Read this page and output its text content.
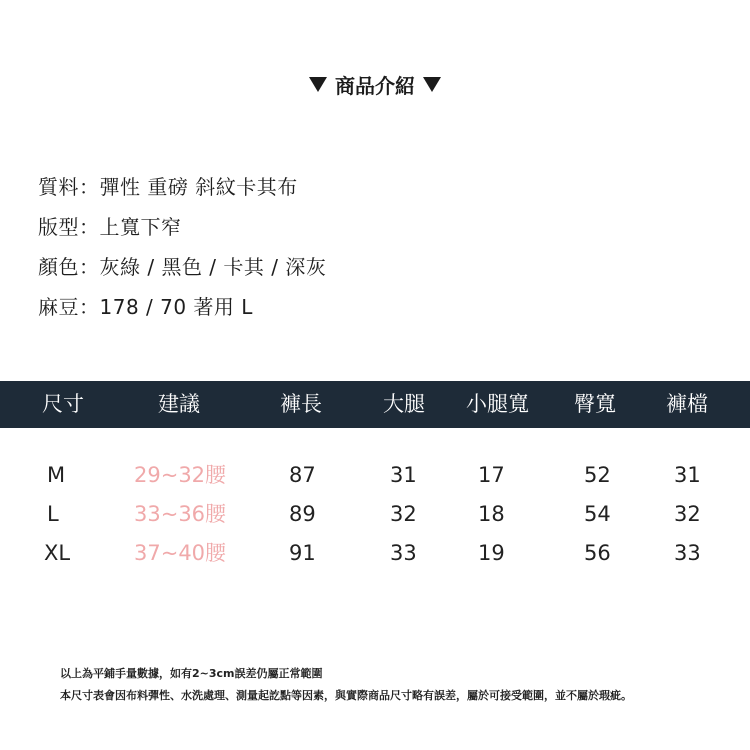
商品介紹
質料：彈性 重磅 斜紋卡其布
版型：上寬下窄
顏色：灰綠 / 黑色 / 卡其 / 深灰
麻豆：178 / 70 著用 L
尺寸	建議	褲長	大腿 小腿寬 臀寬 褲檔
M	29~32腰	87	31	17	52	31
L	33~36腰	89	32	18	54	32
XL	37~40腰	91	33	19	56	33
以上為平鋪手量數據，如有2~3cm誤差仍屬正常範圍
本尺寸表會因布料彈性、水洗處理、測量起訖點等因素，與實際商品尺寸略有誤差，屬於可接受範圍，並不屬於瑕疵。
